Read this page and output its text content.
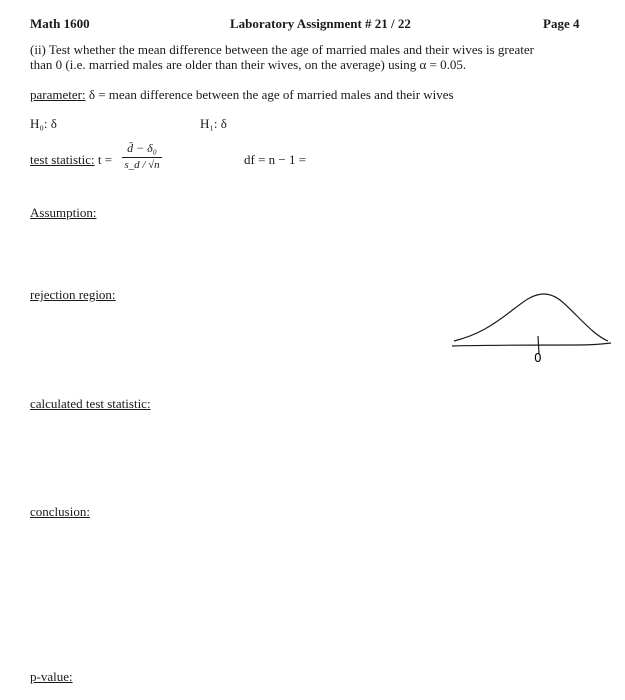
Math 1600	Laboratory Assignment # 21 / 22	Page 4
(ii) Test whether the mean difference between the age of married males and their wives is greater
than 0 (i.e. married males are older than their wives, on the average) using α = 0.05.
parameter: δ = mean difference between the age of married males and their wives
H₀: δ	H₁: δ
test statistic: t =
d̄ − δ₀
s_d / √n	df = n − 1 =
Assumption:
rejection region:
calculated test statistic:
conclusion:
p-value:
0
